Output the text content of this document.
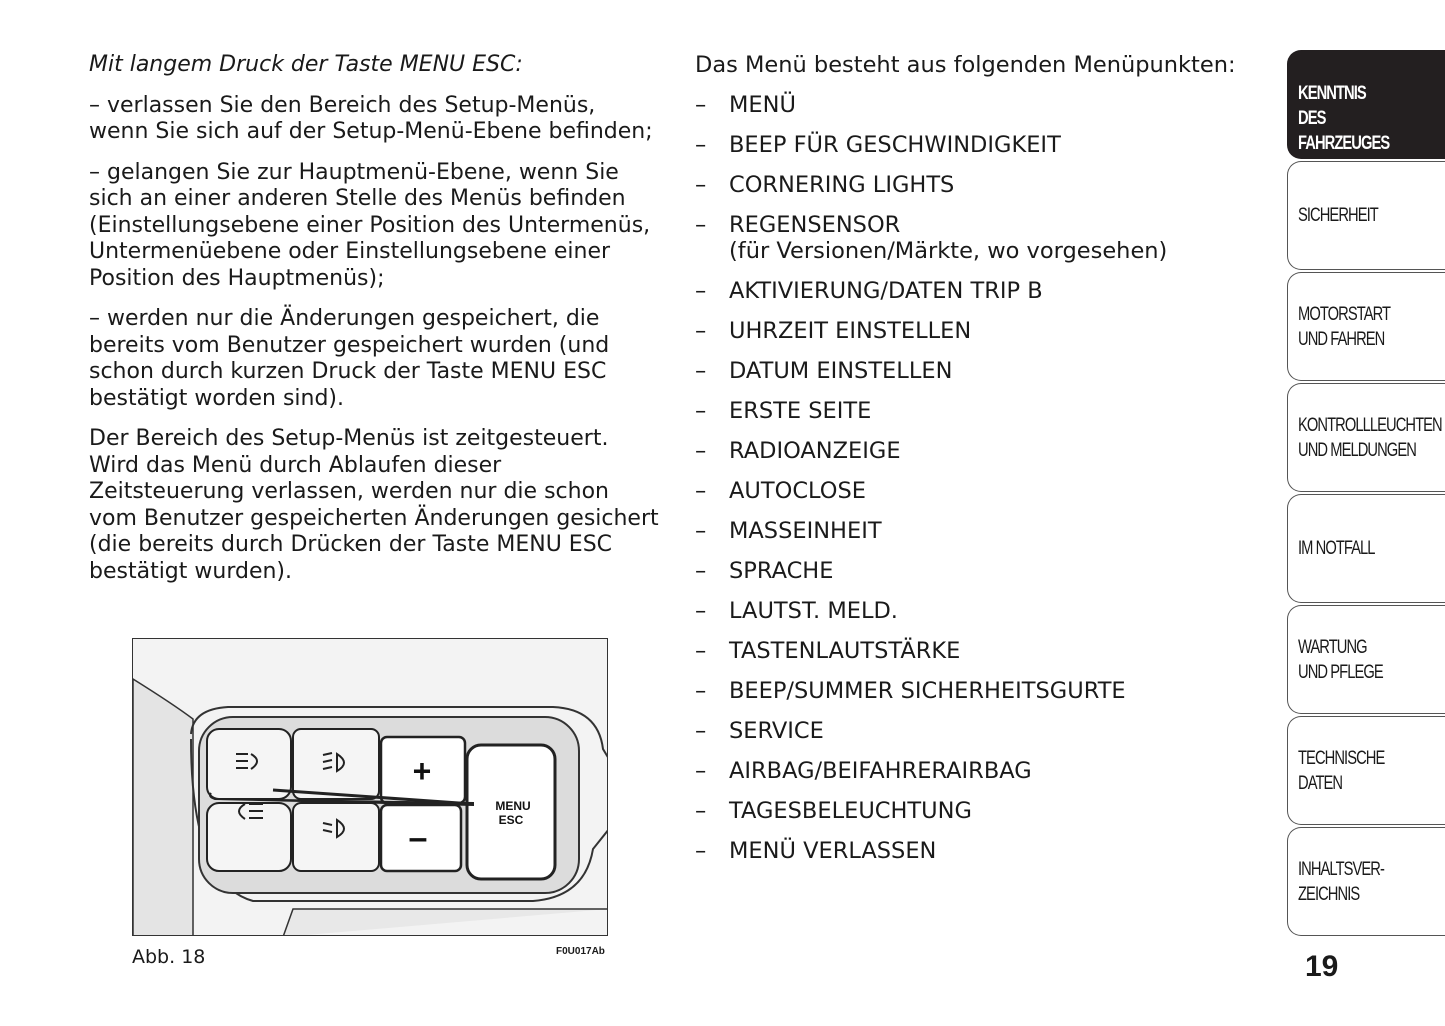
Mit langem Druck der Taste MENU ESC:

– verlassen Sie den Bereich des Setup-Menüs, wenn Sie sich auf der Setup-Menü-Ebene befinden;

– gelangen Sie zur Hauptmenü-Ebene, wenn Sie sich an einer anderen Stelle des Menüs befinden (Einstellungsebene einer Position des Untermenüs, Untermenüebene oder Einstellungsebene einer Position des Hauptmenüs);

– werden nur die Änderungen gespeichert, die bereits vom Benutzer gespeichert wurden (und schon durch kurzen Druck der Taste MENU ESC bestätigt worden sind).

Der Bereich des Setup-Menüs ist zeitgesteuert. Wird das Menü durch Ablaufen dieser Zeitsteuerung verlassen, werden nur die schon vom Benutzer gespeicherten Änderungen gesichert (die bereits durch Drücken der Taste MENU ESC bestätigt wurden).

+
–
MENU
ESC
Abb. 18	F0U017Ab

Das Menü besteht aus folgenden Menüpunkten:

– MENÜ
– BEEP FÜR GESCHWINDIGKEIT
– CORNERING LIGHTS
– REGENSENSOR
(für Versionen/Märkte, wo vorgesehen)
– AKTIVIERUNG/DATEN TRIP B
– UHRZEIT EINSTELLEN
– DATUM EINSTELLEN
– ERSTE SEITE
– RADIOANZEIGE
– AUTOCLOSE
– MASSEINHEIT
– SPRACHE
– LAUTST. MELD.
– TASTENLAUTSTÄRKE
– BEEP/SUMMER SICHERHEITSGURTE
– SERVICE
– AIRBAG/BEIFAHRERAIRBAG
– TAGESBELEUCHTUNG
– MENÜ VERLASSEN
KENNTNIS
DES FAHRZEUGES
SICHERHEIT
MOTORSTART
UND FAHREN
KONTROLLLEUCHTEN
UND MELDUNGEN
IM NOTFALL
WARTUNG
UND PFLEGE
TECHNISCHE DATEN
INHALTSVER-
ZEICHNIS
19
